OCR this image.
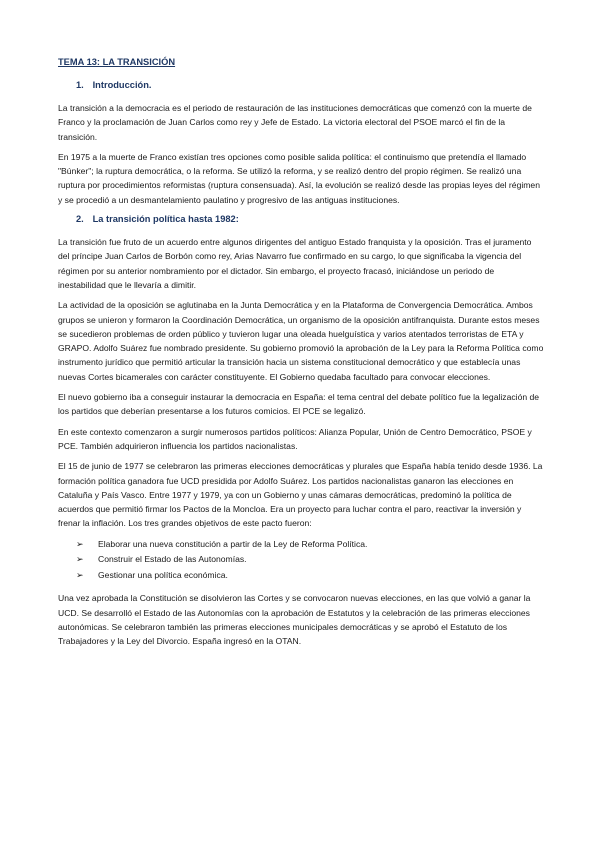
TEMA 13: LA TRANSICIÓN
1. Introducción.

La transición a la democracia es el periodo de restauración de las instituciones democráticas que comenzó con la muerte de Franco y la proclamación de Juan Carlos como rey y Jefe de Estado. La victoria electoral del PSOE marcó el fin de la transición.

En 1975 a la muerte de Franco existían tres opciones como posible salida política: el continuismo que pretendía el llamado "Búnker"; la ruptura democrática, o la reforma. Se utilizó la reforma, y se realizó dentro del propio régimen. Se realizó una ruptura por procedimientos reformistas (ruptura consensuada). Así, la evolución se realizó desde las propias leyes del régimen y se procedió a un desmantelamiento paulatino y progresivo de las antiguas instituciones.

2. La transición política hasta 1982:

La transición fue fruto de un acuerdo entre algunos dirigentes del antiguo Estado franquista y la oposición. Tras el juramento del príncipe Juan Carlos de Borbón como rey, Arias Navarro fue confirmado en su cargo, lo que significaba la vigencia del régimen por su anterior nombramiento por el dictador. Sin embargo, el proyecto fracasó, iniciándose un periodo de inestabilidad que le llevaría a dimitir.

La actividad de la oposición se aglutinaba en la Junta Democrática y en la Plataforma de Convergencia Democrática. Ambos grupos se unieron y formaron la Coordinación Democrática, un organismo de la oposición antifranquista. Durante estos meses se sucedieron problemas de orden público y tuvieron lugar una oleada huelguística y varios atentados terroristas de ETA y GRAPO. Adolfo Suárez fue nombrado presidente. Su gobierno promovió la aprobación de la Ley para la Reforma Política como instrumento jurídico que permitió articular la transición hacia un sistema constitucional democrático y que establecía unas nuevas Cortes bicamerales con carácter constituyente. El Gobierno quedaba facultado para convocar elecciones.

El nuevo gobierno iba a conseguir instaurar la democracia en España: el tema central del debate político fue la legalización de los partidos que deberían presentarse a los futuros comicios. El PCE se legalizó.

En este contexto comenzaron a surgir numerosos partidos políticos: Alianza Popular, Unión de Centro Democrático, PSOE y PCE. También adquirieron influencia los partidos nacionalistas.

El 15 de junio de 1977 se celebraron las primeras elecciones democráticas y plurales que España había tenido desde 1936. La formación política ganadora fue UCD presidida por Adolfo Suárez. Los partidos nacionalistas ganaron las elecciones en Cataluña y País Vasco. Entre 1977 y 1979, ya con un Gobierno y unas cámaras democráticas, predominó la política de acuerdos que permitió firmar los Pactos de la Moncloa. Era un proyecto para luchar contra el paro, reactivar la inversión y frenar la inflación. Los tres grandes objetivos de este pacto fueron:

➢	Elaborar una nueva constitución a partir de la Ley de Reforma Política.
➢	Construir el Estado de las Autonomías.
➢	Gestionar una política económica.

Una vez aprobada la Constitución se disolvieron las Cortes y se convocaron nuevas elecciones, en las que volvió a ganar la UCD. Se desarrolló el Estado de las Autonomías con la aprobación de Estatutos y la celebración de las primeras elecciones autonómicas. Se celebraron también las primeras elecciones municipales democráticas y se aprobó el Estatuto de los Trabajadores y la Ley del Divorcio. España ingresó en la OTAN.
